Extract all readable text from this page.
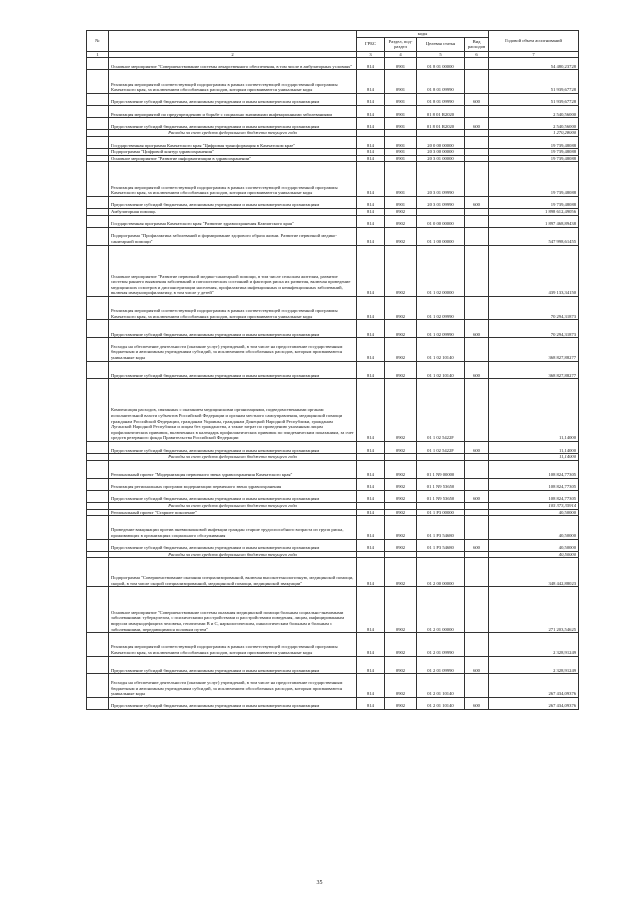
№		коды				Годовой объем ассигнований
		ГРБС	Раздел, под-раздел	Целевая статья	Вид расходов	
1	2	3	4	5	6	7
	Основное мероприятие "Совершенствование системы лекарственного обеспечения, в том числе в амбулаторных условиях"	814	0901	01 8 01 00000		54 480,23728
	Реализация мероприятий соответствующей подпрограммы в рамках соответствующей государственной программы Камчатского края, за исключением обособленных расходов, которым присваиваются уникальные коды	814	0901	01 8 01 09990		51 939,67728
	Предоставление субсидий бюджетным, автономным учреждениям и иным некоммерческим организациям	814	0901	01 8 01 09990	600	51 939,67728
	Реализация мероприятий по предупреждению и борьбе с социально значимыми инфекционными заболеваниями	814	0901	01 8 01 R2020		2 540,56000
	Предоставление субсидий бюджетным, автономным учреждениям и иным некоммерческим организациям	814	0901	01 8 01 R2020	600	2 540,56000
	Расходы за счет средств федерального бюджета текущего года					1 270,28000
	Государственная программа Камчатского края "Цифровая трансформация в Камчатском крае"	814	0901	20 0 00 00000		19 739,48088
	Подпрограмма "Цифровой контур здравоохранения"	814	0901	20 3 00 00000		19 739,48088
	Основное мероприятие "Развитие информатизации в здравоохранении"	814	0901	20 3 01 00000		19 739,48088
	Реализация мероприятий соответствующей подпрограммы в рамках соответствующей государственной программы Камчатского края, за исключением обособленных расходов, которым присваиваются уникальные коды	814	0901	20 3 01 09990		19 739,48088
	Предоставление субсидий бюджетным, автономным учреждениям и иным некоммерческим организациям	814	0901	20 3 01 09990	600	19 739,48088
	Амбулаторная помощь	814	0902			1 898 612,49056
	Государственная программа Камчатского края "Развитие здравоохранения Камчатского края"	814	0902	01 0 00 00000		1 897 468,89438
	Подпрограмма "Профилактика заболеваний и формирование здорового образа жизни. Развитие первичной медико-санитарной помощи"	814	0902	01 1 00 00000		547 998,61455
	Основное мероприятие "Развитие первичной медико-санитарной помощи, в том числе сельским жителям, развитие системы раннего выявления заболеваний и патологических состояний и факторов риска их развития, включая проведение медицинских осмотров и диспансеризации населения, профилактика инфекционных и неинфекционных заболеваний, включая иммунопрофилактику, в том числе у детей"	814	0902	01 1 02 00000		439 133,34150
	Реализация мероприятий соответствующей подпрограммы в рамках соответствующей государственной программы Камчатского края, за исключением обособленных расходов, которым присваиваются уникальные коды	814	0902	01 1 02 09990		70 294,31873
	Предоставление субсидий бюджетным, автономным учреждениям и иным некоммерческим организациям	814	0902	01 1 02 09990	600	70 294,31873
	Расходы на обеспечение деятельности (оказание услуг) учреждений, в том числе на предоставление государственным бюджетным и автономным учреждениям субсидий, за исключением обособленных расходов, которым присваиваются уникальные коды	814	0902	01 1 02 10140		368 827,88277
	Предоставление субсидий бюджетным, автономным учреждениям и иным некоммерческим организациям	814	0902	01 1 02 10140	600	368 827,88277
	Компенсация расходов, связанных с оказанием медицинскими организациями, подведомственными органам исполнительной власти субъектов Российской Федерации и органам местного самоуправления, медицинской помощи гражданам Российской Федерации, гражданам Украины, гражданам Донецкой Народной Республики, гражданам Луганской Народной Республики и лицам без гражданства, а также затрат по проведению указанным лицам профилактических прививок, включенных в календарь профилактических прививок по эпидемическим показаниям, за счет средств резервного фонда Правительства Российской Федерации	814	0902	01 1 02 5422F		11,14000
	Предоставление субсидий бюджетным, автономным учреждениям и иным некоммерческим организациям	814	0902	01 1 02 5422F	600	11,14000
	Расходы за счет средств федерального бюджета текущего года					11,14000
	Региональный проект "Модернизация первичного звена здравоохранения Камчатского края"	814	0902	01 1 N9 00000		108 824,77305
	Реализация региональных программ модернизации первичного звена здравоохранения	814	0902	01 1 N9 53650		108 824,77305
	Предоставление субсидий бюджетным, автономным учреждениям и иным некоммерческим организациям	814	0902	01 1 N9 53650	600	108 824,77305
	Расходы за счет средств федерального бюджета текущего года					105 373,35914
	Региональный проект "Старшее поколение"	814	0902	01 1 P3 00000		40,50000
	Проведение вакцинации против пневмококковой инфекции граждан старше трудоспособного возраста из групп риска, проживающих в организациях социального обслуживания	814	0902	01 1 P3 54680		40,50000
	Предоставление субсидий бюджетным, автономным учреждениям и иным некоммерческим организациям	814	0902	01 1 P3 54680	600	40,50000
	Расходы за счет средств федерального бюджета текущего года					40,50000
	Подпрограмма "Совершенствование оказания специализированной, включая высокотехнологичную, медицинской помощи, скорой, в том числе скорой специализированной, медицинской помощи, медицинской эвакуации"	814	0902	01 2 00 00000		348 442,88023
	Основное мероприятие "Совершенствование системы оказания медицинской помощи больным социально-значимыми заболеваниями: туберкулезом, с психическими расстройствами и расстройствами поведения, лицам, инфицированным вирусом иммунодефицита человека, гепатитами B и C, наркологическим, онкологическим больным и больным с заболеваниями, передающимися половым путем"	814	0902	01 2 01 00000		271 203,54625
	Реализация мероприятий соответствующей подпрограммы в рамках соответствующей государственной программы Камчатского края, за исключением обособленных расходов, которым присваиваются уникальные коды	814	0902	01 2 01 09990		2 328,91249
	Предоставление субсидий бюджетным, автономным учреждениям и иным некоммерческим организациям	814	0902	01 2 01 09990	600	2 328,91249
	Расходы на обеспечение деятельности (оказание услуг) учреждений, в том числе на предоставление государственным бюджетным и автономным учреждениям субсидий, за исключением обособленных расходов, которым присваиваются уникальные коды	814	0902	01 2 01 10140		267 434,09376
	Предоставление субсидий бюджетным, автономным учреждениям и иным некоммерческим организациям	814	0902	01 2 01 10140	600	267 434,09376
35
